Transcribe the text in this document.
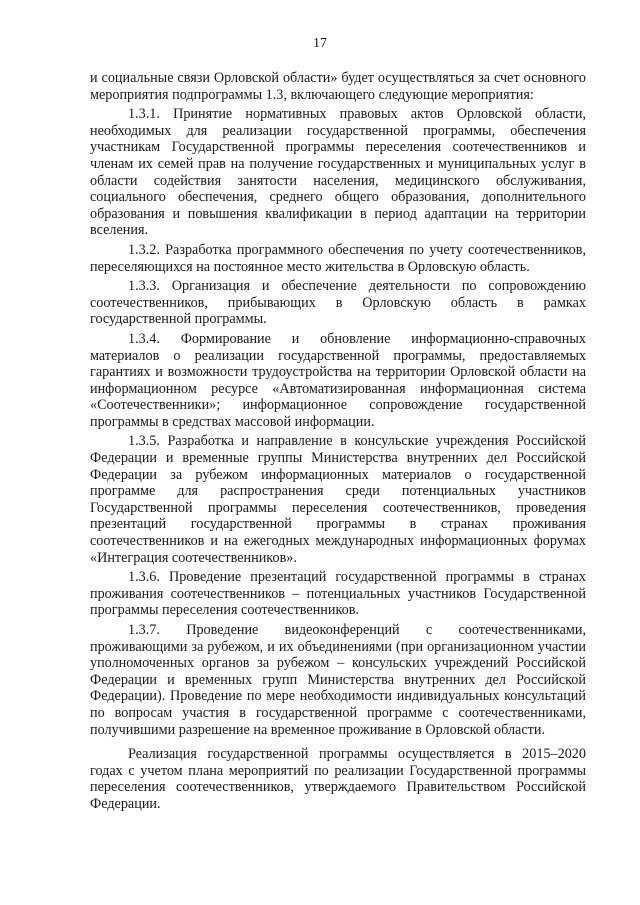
17

и социальные связи Орловской области» будет осуществляться за счет основного мероприятия подпрограммы 1.3, включающего следующие мероприятия:

1.3.1. Принятие нормативных правовых актов Орловской области, необходимых для реализации государственной программы, обеспечения участникам Государственной программы переселения соотечественников и членам их семей прав на получение государственных и муниципальных услуг в области содействия занятости населения, медицинского обслуживания, социального обеспечения, среднего общего образования, дополнительного образования и повышения квалификации в период адаптации на территории вселения.

1.3.2. Разработка программного обеспечения по учету соотечественников, переселяющихся на постоянное место жительства в Орловскую область.

1.3.3. Организация и обеспечение деятельности по сопровождению соотечественников, прибывающих в Орловскую область в рамках государственной программы.

1.3.4. Формирование и обновление информационно-справочных материалов о реализации государственной программы, предоставляемых гарантиях и возможности трудоустройства на территории Орловской области на информационном ресурсе «Автоматизированная информационная система «Соотечественники»; информационное сопровождение государственной программы в средствах массовой информации.

1.3.5. Разработка и направление в консульские учреждения Российской Федерации и временные группы Министерства внутренних дел Российской Федерации за рубежом информационных материалов о государственной программе для распространения среди потенциальных участников Государственной программы переселения соотечественников, проведения презентаций государственной программы в странах проживания соотечественников и на ежегодных международных информационных форумах «Интеграция соотечественников».

1.3.6. Проведение презентаций государственной программы в странах проживания соотечественников – потенциальных участников Государственной программы переселения соотечественников.

1.3.7. Проведение видеоконференций с соотечественниками, проживающими за рубежом, и их объединениями (при организационном участии уполномоченных органов за рубежом – консульских учреждений Российской Федерации и временных групп Министерства внутренних дел Российской Федерации). Проведение по мере необходимости индивидуальных консультаций по вопросам участия в государственной программе с соотечественниками, получившими разрешение на временное проживание в Орловской области.

Реализация государственной программы осуществляется в 2015–2020 годах с учетом плана мероприятий по реализации Государственной программы переселения соотечественников, утверждаемого Правительством Российской Федерации.
